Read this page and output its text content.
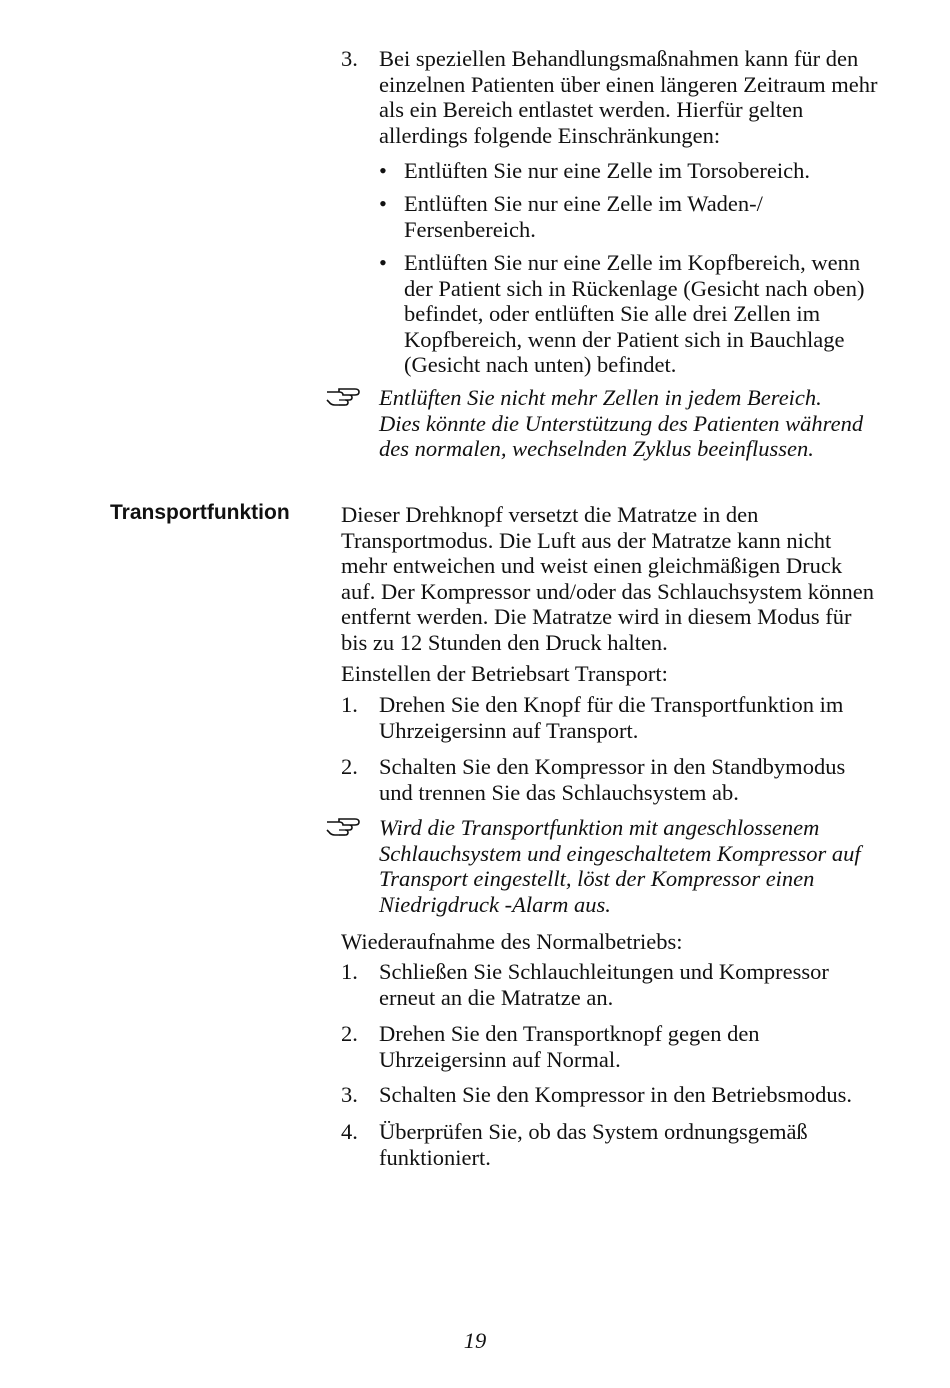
3. Bei speziellen Behandlungsmaßnahmen kann für den einzelnen Patienten über einen längeren Zeitraum mehr als ein Bereich entlastet werden. Hierfür gelten allerdings folgende Einschränkungen:
• Entlüften Sie nur eine Zelle im Torsobereich.
• Entlüften Sie nur eine Zelle im Waden-/ Fersenbereich.
• Entlüften Sie nur eine Zelle im Kopfbereich, wenn der Patient sich in Rückenlage (Gesicht nach oben) befindet, oder entlüften Sie alle drei Zellen im Kopfbereich, wenn der Patient sich in Bauchlage (Gesicht nach unten) befindet.
Entlüften Sie nicht mehr Zellen in jedem Bereich. Dies könnte die Unterstützung des Patienten während des normalen, wechselnden Zyklus beeinflussen.
Transportfunktion Dieser Drehknopf versetzt die Matratze in den Transportmodus. Die Luft aus der Matratze kann nicht mehr entweichen und weist einen gleichmäßigen Druck auf. Der Kompressor und/oder das Schlauchsystem können entfernt werden. Die Matratze wird in diesem Modus für bis zu 12 Stunden den Druck halten.
Einstellen der Betriebsart Transport:
1. Drehen Sie den Knopf für die Transportfunktion im Uhrzeigersinn auf Transport.
2. Schalten Sie den Kompressor in den Standbymodus und trennen Sie das Schlauchsystem ab.
Wird die Transportfunktion mit angeschlossenem Schlauchsystem und eingeschaltetem Kompressor auf Transport eingestellt, löst der Kompressor einen Niedrigdruck -Alarm aus.
Wiederaufnahme des Normalbetriebs:
1. Schließen Sie Schlauchleitungen und Kompressor erneut an die Matratze an.
2. Drehen Sie den Transportknopf gegen den Uhrzeigersinn auf Normal.
3. Schalten Sie den Kompressor in den Betriebsmodus.
4. Überprüfen Sie, ob das System ordnungsgemäß funktioniert.
19
